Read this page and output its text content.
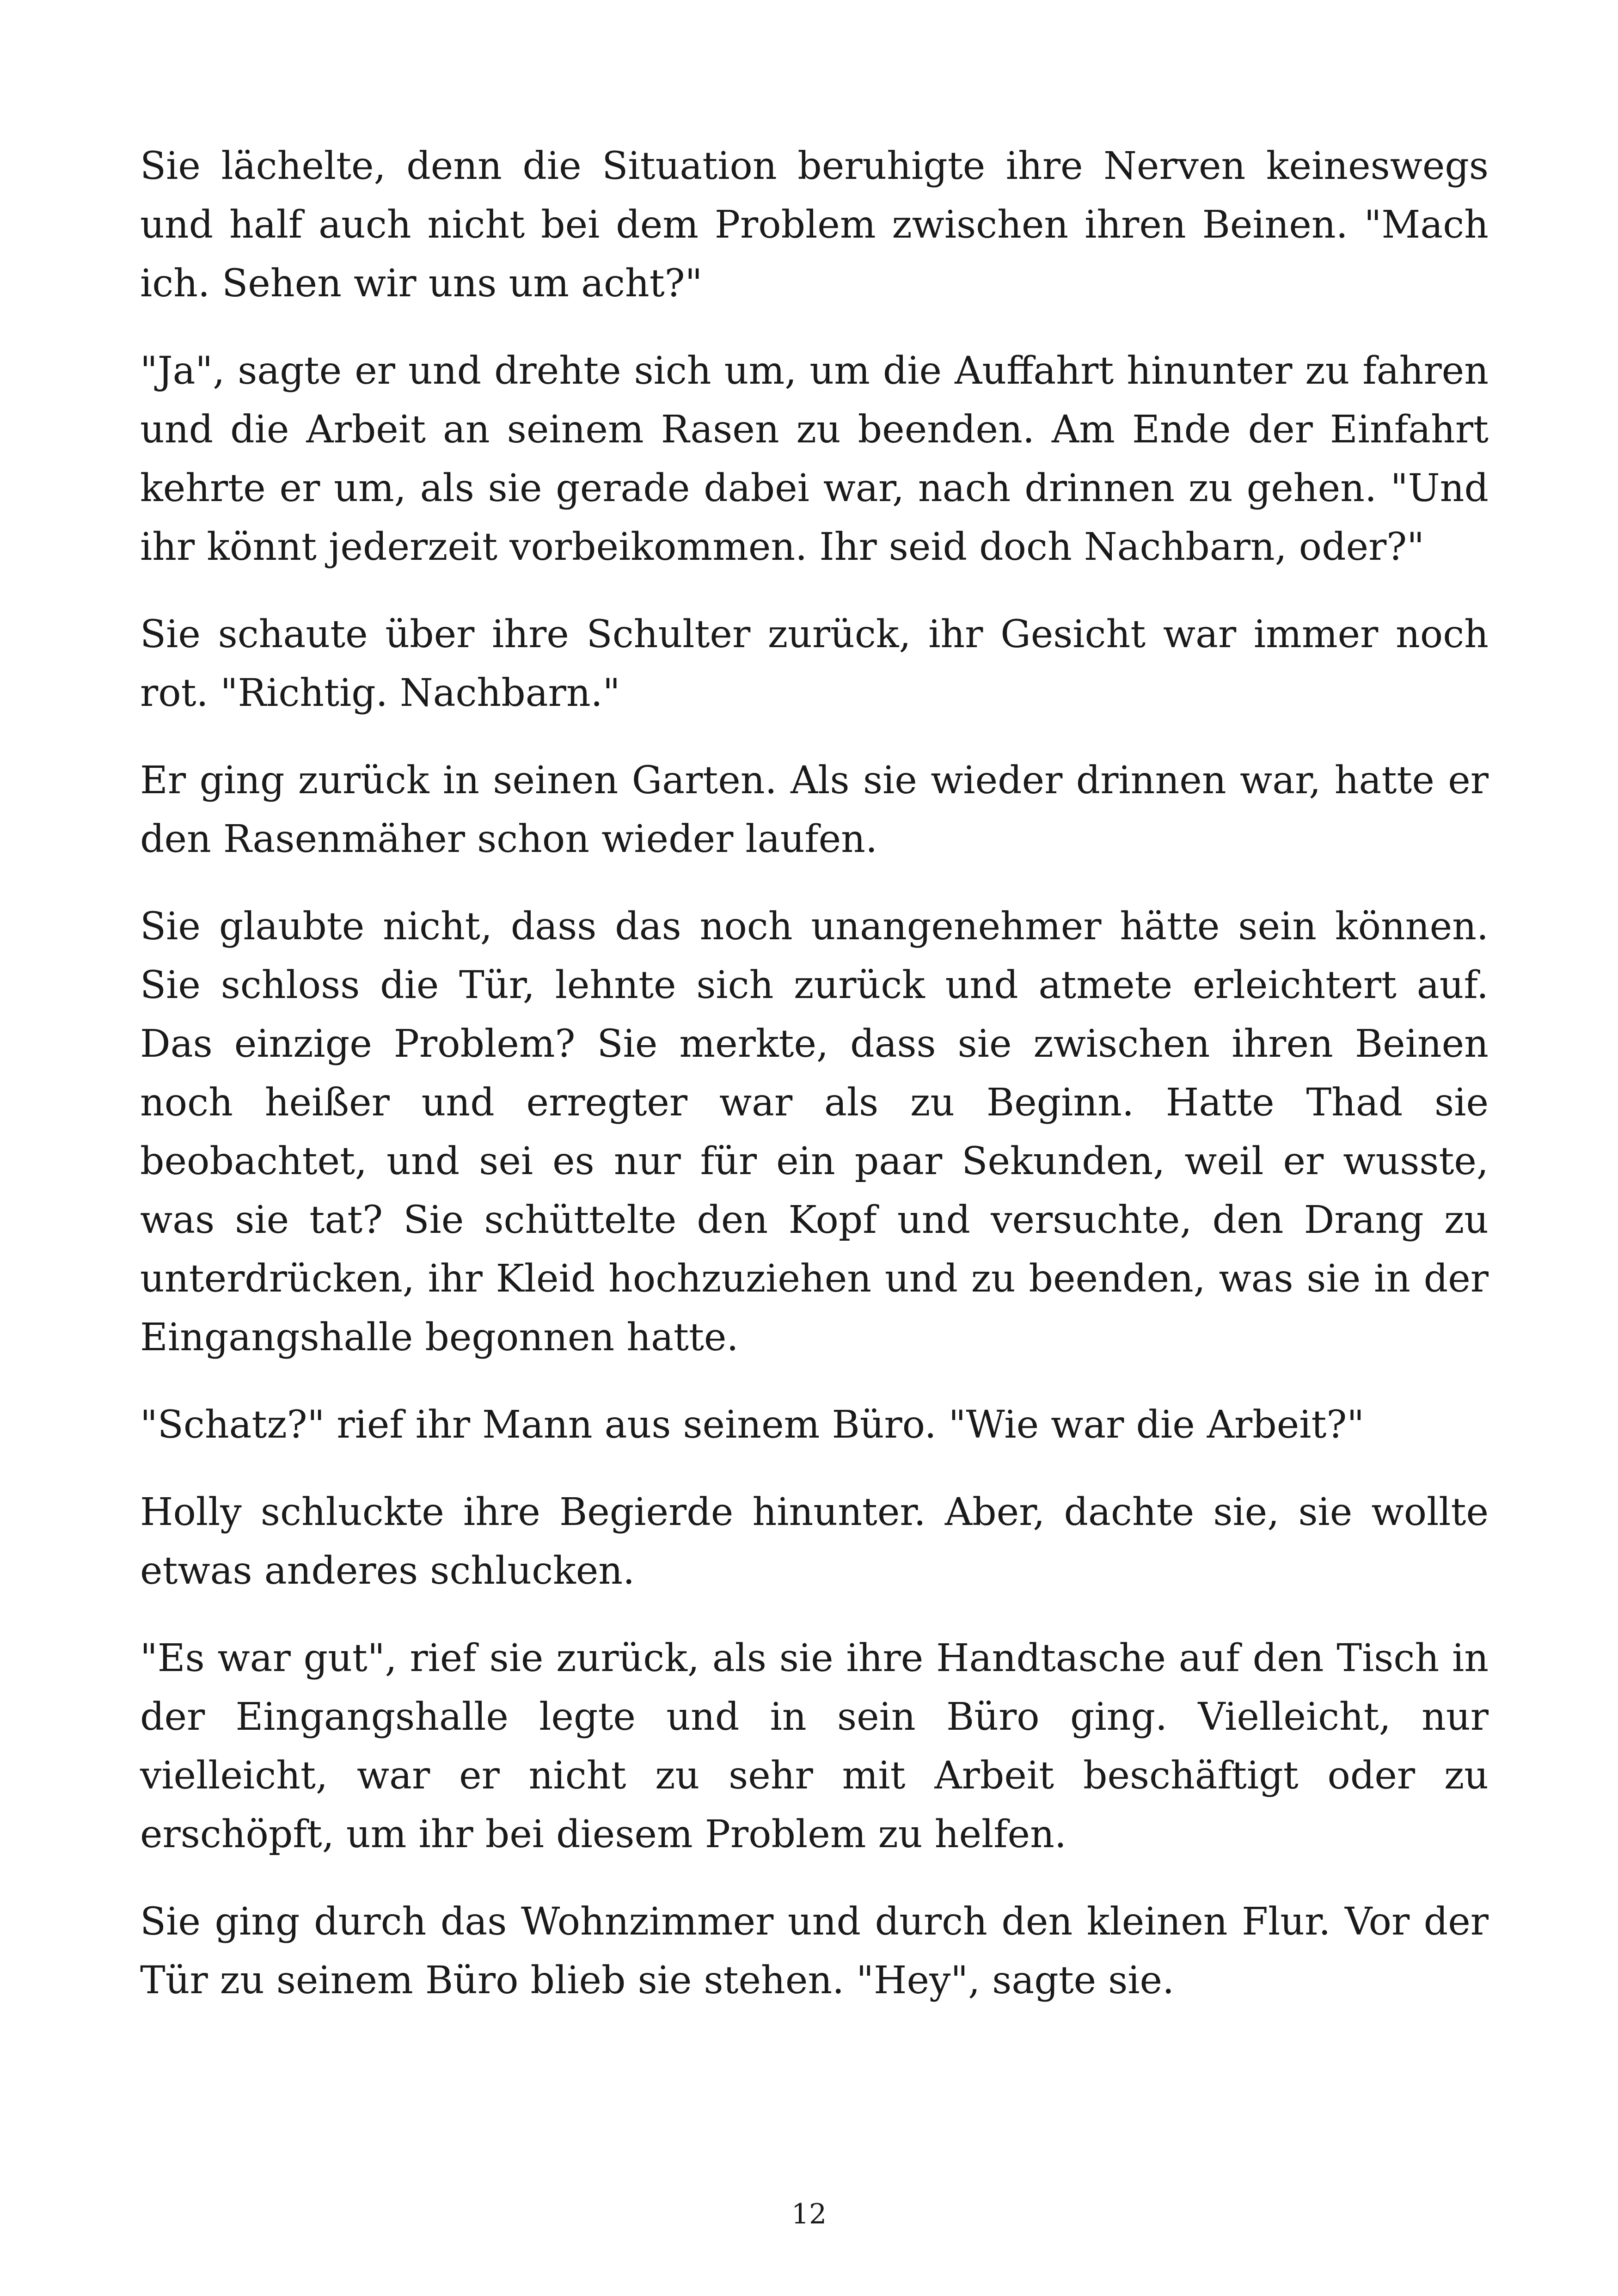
Sie lächelte, denn die Situation beruhigte ihre Nerven keineswegs und half auch nicht bei dem Problem zwischen ihren Beinen. "Mach ich. Sehen wir uns um acht?"

"Ja", sagte er und drehte sich um, um die Auffahrt hinunter zu fahren und die Arbeit an seinem Rasen zu beenden. Am Ende der Einfahrt kehrte er um, als sie gerade dabei war, nach drinnen zu gehen. "Und ihr könnt jederzeit vorbeikommen. Ihr seid doch Nachbarn, oder?"

Sie schaute über ihre Schulter zurück, ihr Gesicht war immer noch rot. "Richtig. Nachbarn."

Er ging zurück in seinen Garten. Als sie wieder drinnen war, hatte er den Rasenmäher schon wieder laufen.

Sie glaubte nicht, dass das noch unangenehmer hätte sein können. Sie schloss die Tür, lehnte sich zurück und atmete erleichtert auf. Das einzige Problem? Sie merkte, dass sie zwischen ihren Beinen noch heißer und erregter war als zu Beginn. Hatte Thad sie beobachtet, und sei es nur für ein paar Sekunden, weil er wusste, was sie tat? Sie schüttelte den Kopf und versuchte, den Drang zu unterdrücken, ihr Kleid hochzuziehen und zu beenden, was sie in der Eingangshalle begonnen hatte.

"Schatz?" rief ihr Mann aus seinem Büro. "Wie war die Arbeit?"

Holly schluckte ihre Begierde hinunter. Aber, dachte sie, sie wollte etwas anderes schlucken.

"Es war gut", rief sie zurück, als sie ihre Handtasche auf den Tisch in der Eingangshalle legte und in sein Büro ging. Vielleicht, nur vielleicht, war er nicht zu sehr mit Arbeit beschäftigt oder zu erschöpft, um ihr bei diesem Problem zu helfen.

Sie ging durch das Wohnzimmer und durch den kleinen Flur. Vor der Tür zu seinem Büro blieb sie stehen. "Hey", sagte sie.

12
